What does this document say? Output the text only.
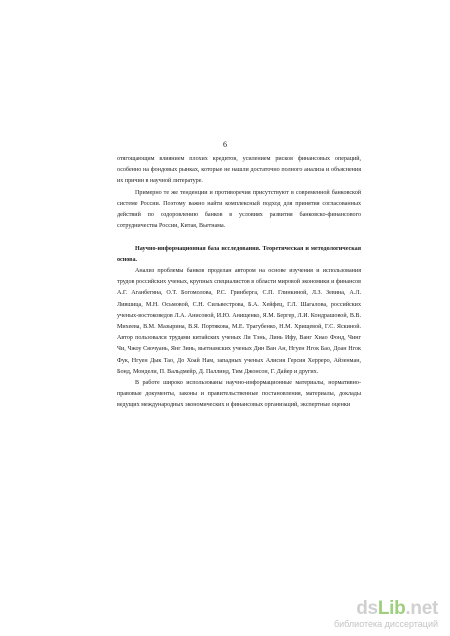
6

отягощающим влиянием плохих кредитов, усилением рисков финансовых операций, особенно на фондовых рынках, которые не нашли достаточно полного анализа и объяснения их причин в научной литературе.

Примерно те же тенденции и противоречия присутствуют в современной банковской системе России. Поэтому важно найти комплексный подход для принятия согласованных действий по оздоровлению банков в условиях развития банковско-финансового сотрудничества России, Китая, Вьетнама.

Научно-информационная база исследования. Теоретическая и методологическая основа.

Анализ проблемы банков проделан автором на основе изучения и использования трудов российских ученых, крупных специалистов в области мировой экономики и финансов А.Г. Аганбегяна, О.Т. Богомолова, Р.С. Гринберга, С.П. Глинкиной, Л.З. Зевина, А.Л. Лившица, М.Н. Осьмовой, С.Н. Сильвестрова, Б.А. Хейфец, Г.Л. Шагалова, российских ученых-востоковедов Л.А. Анисовой, И.Ю. Анищенко, Я.М. Бергер, Л.И. Кондрашовой, В.В. Михеева, В.М. Мазырина, В.Я. Портякова, М.Е. Трагубенко, Н.М. Хрищевой, Г.С. Яскиной. Автор пользовался трудами китайских ученых Ли Тэнь, Линь Ифу, Ванг Хиао Фонд, Чинг Чи, Чжоу Сяочуань, Янг Зинь, вьетнамских ученых Дин Ван Ан, Нгуен Нгок Бао, Доан Нгок Фук, Нгуен Дык Тао, До Хоай Нам, западных ученых Алисия Герсия Херреро, Айзенман, Бонд, Мондели, П. Вальдмейр, Д. Паллинд, Тим Джонсон, Г. Дайер и других.

В работе широко использованы научно-информационные материалы, нормативно-правовые документы, законы и правительственные постановления, материалы, доклады ведущих международных экономических и финансовых организаций, экспертные оценки

dsLib.net
библиотека диссертаций
